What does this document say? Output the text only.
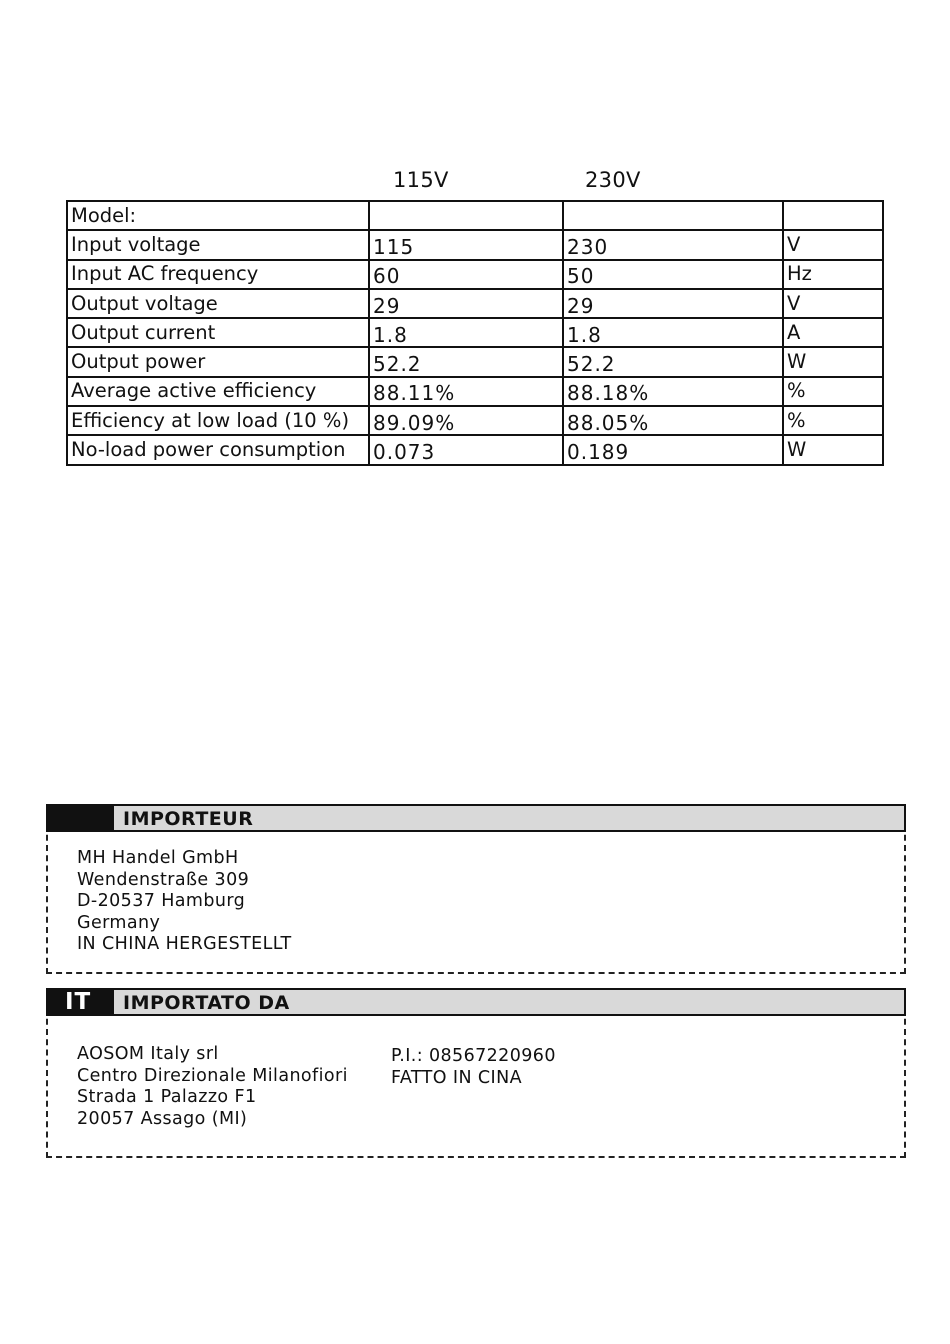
115V	230V
Model:			
Input voltage	115	230	V
Input AC frequency	60	50	Hz
Output voltage	29	29	V
Output current	1.8	1.8	A
Output power	52.2	52.2	W
Average active efficiency	88.11%	88.18%	%
Efficiency at low load (10 %)	89.09%	88.05%	%
No-load power consumption	0.073	0.189	W
IMPORTEUR
MH Handel GmbH
Wendenstraße 309
D-20537 Hamburg
Germany
IN CHINA HERGESTELLT
IT	IMPORTATO DA
AOSOM Italy srl
Centro Direzionale Milanofiori
Strada 1 Palazzo F1
20057 Assago (MI)
P.I.: 08567220960
FATTO IN CINA
